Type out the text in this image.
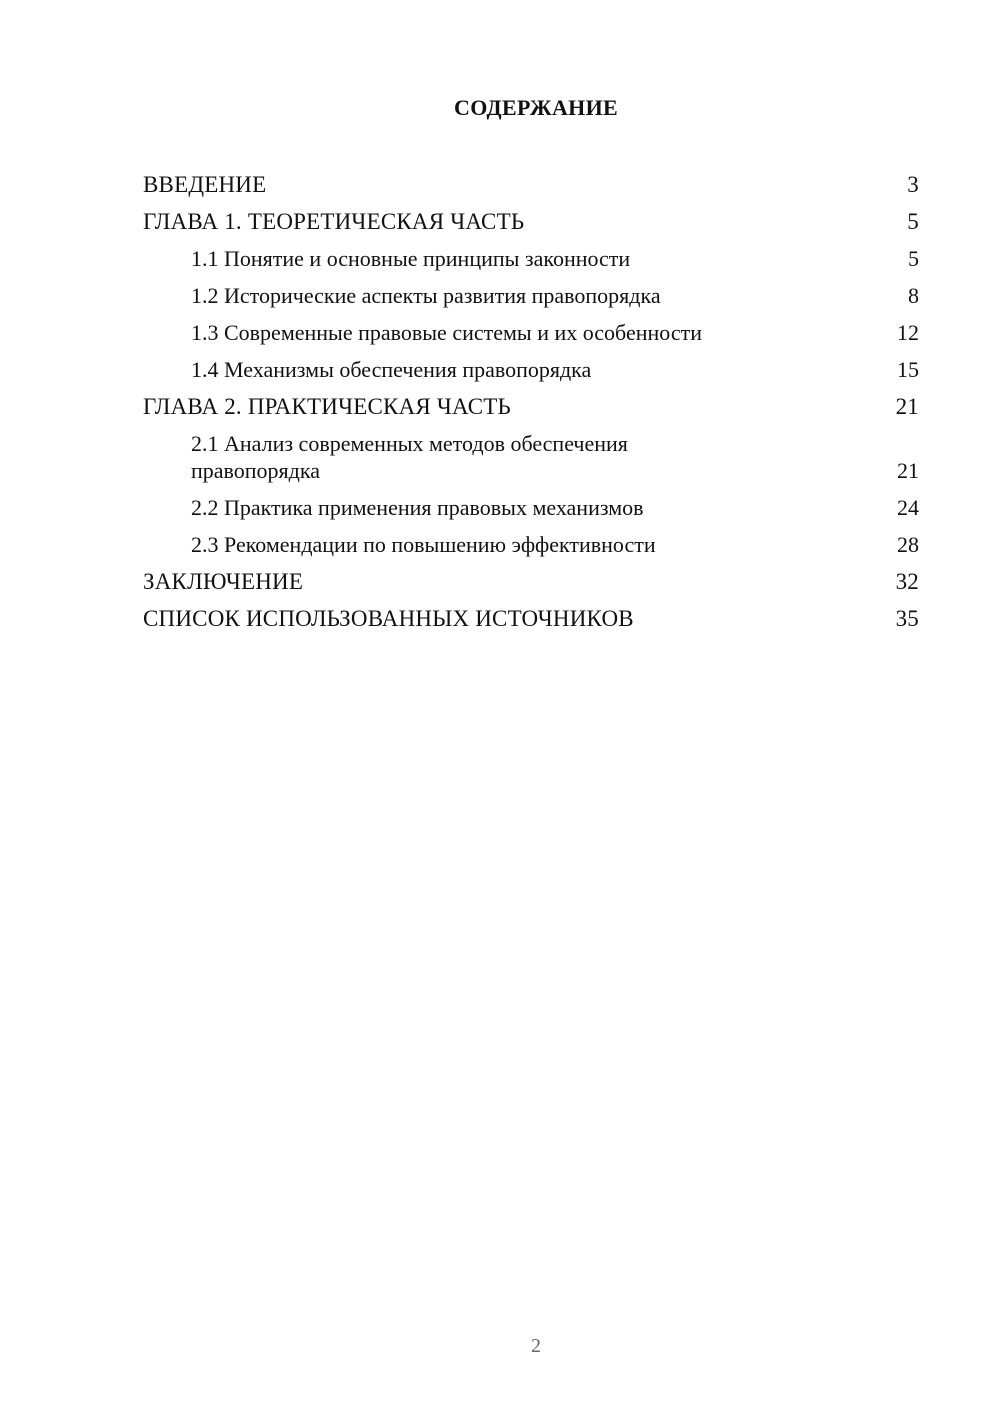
СОДЕРЖАНИЕ
ВВЕДЕНИЕ	3
ГЛАВА 1. ТЕОРЕТИЧЕСКАЯ ЧАСТЬ	5
1.1 Понятие и основные принципы законности	5
1.2 Исторические аспекты развития правопорядка	8
1.3 Современные правовые системы и их особенности	12
1.4 Механизмы обеспечения правопорядка	15
ГЛАВА 2. ПРАКТИЧЕСКАЯ ЧАСТЬ	21
2.1 Анализ современных методов обеспечения правопорядка	21
2.2 Практика применения правовых механизмов	24
2.3 Рекомендации по повышению эффективности	28
ЗАКЛЮЧЕНИЕ	32
СПИСОК ИСПОЛЬЗОВАННЫХ ИСТОЧНИКОВ	35
2
